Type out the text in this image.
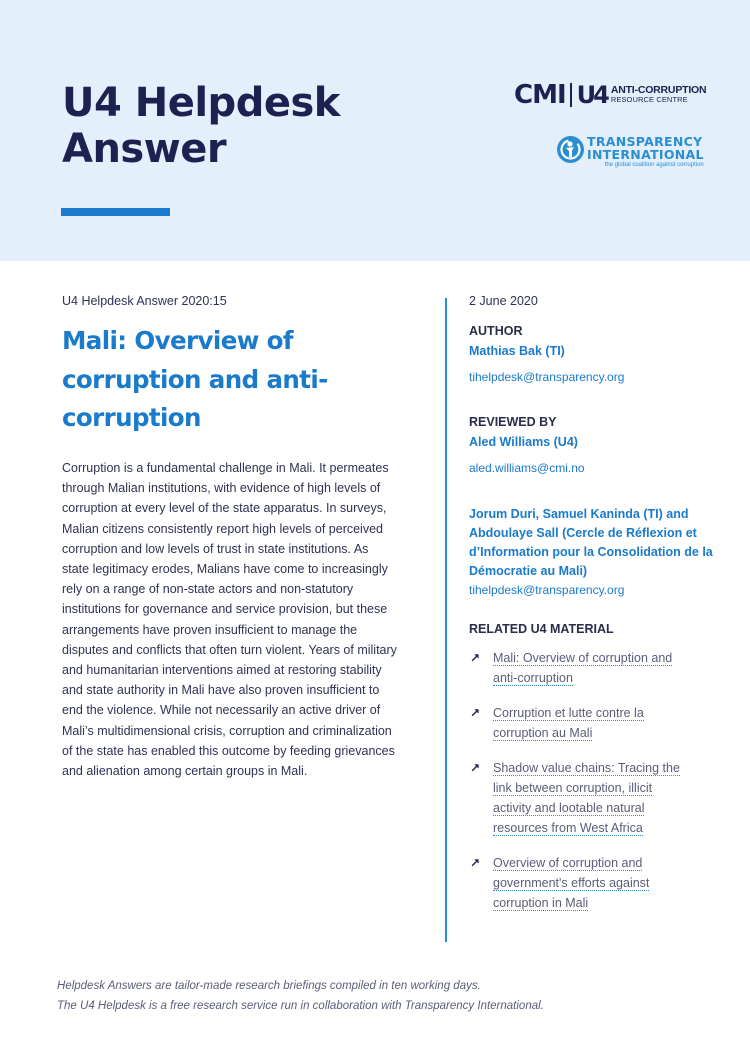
U4 Helpdesk
Answer
CMI U4 ANTI-CORRUPTION
RESOURCE CENTRE
TRANSPARENCY
INTERNATIONAL
the global coalition against corruption
U4 Helpdesk Answer 2020:15
Mali: Overview of corruption and anti-corruption

Corruption is a fundamental challenge in Mali. It permeates through Malian institutions, with evidence of high levels of corruption at every level of the state apparatus. In surveys, Malian citizens consistently report high levels of perceived corruption and low levels of trust in state institutions. As state legitimacy erodes, Malians have come to increasingly rely on a range of non-state actors and non-statutory institutions for governance and service provision, but these arrangements have proven insufficient to manage the disputes and conflicts that often turn violent. Years of military and humanitarian interventions aimed at restoring stability and state authority in Mali have also proven insufficient to end the violence. While not necessarily an active driver of Mali’s multidimensional crisis, corruption and criminalization of the state has enabled this outcome by feeding grievances and alienation among certain groups in Mali.

2 June 2020
AUTHOR
Mathias Bak (TI)
tihelpdesk@transparency.org
REVIEWED BY
Aled Williams (U4)
aled.williams@cmi.no
Jorum Duri, Samuel Kaninda (TI) and Abdoulaye Sall (Cercle de Réflexion et d’Information pour la Consolidation de la Démocratie au Mali)
tihelpdesk@transparency.org
RELATED U4 MATERIAL
↗	Mali: Overview of corruption and anti-corruption
↗	Corruption et lutte contre la corruption au Mali
↗	Shadow value chains: Tracing the link between corruption, illicit activity and lootable natural resources from West Africa
↗	Overview of corruption and government's efforts against corruption in Mali
Helpdesk Answers are tailor-made research briefings compiled in ten working days.
The U4 Helpdesk is a free research service run in collaboration with Transparency International.
